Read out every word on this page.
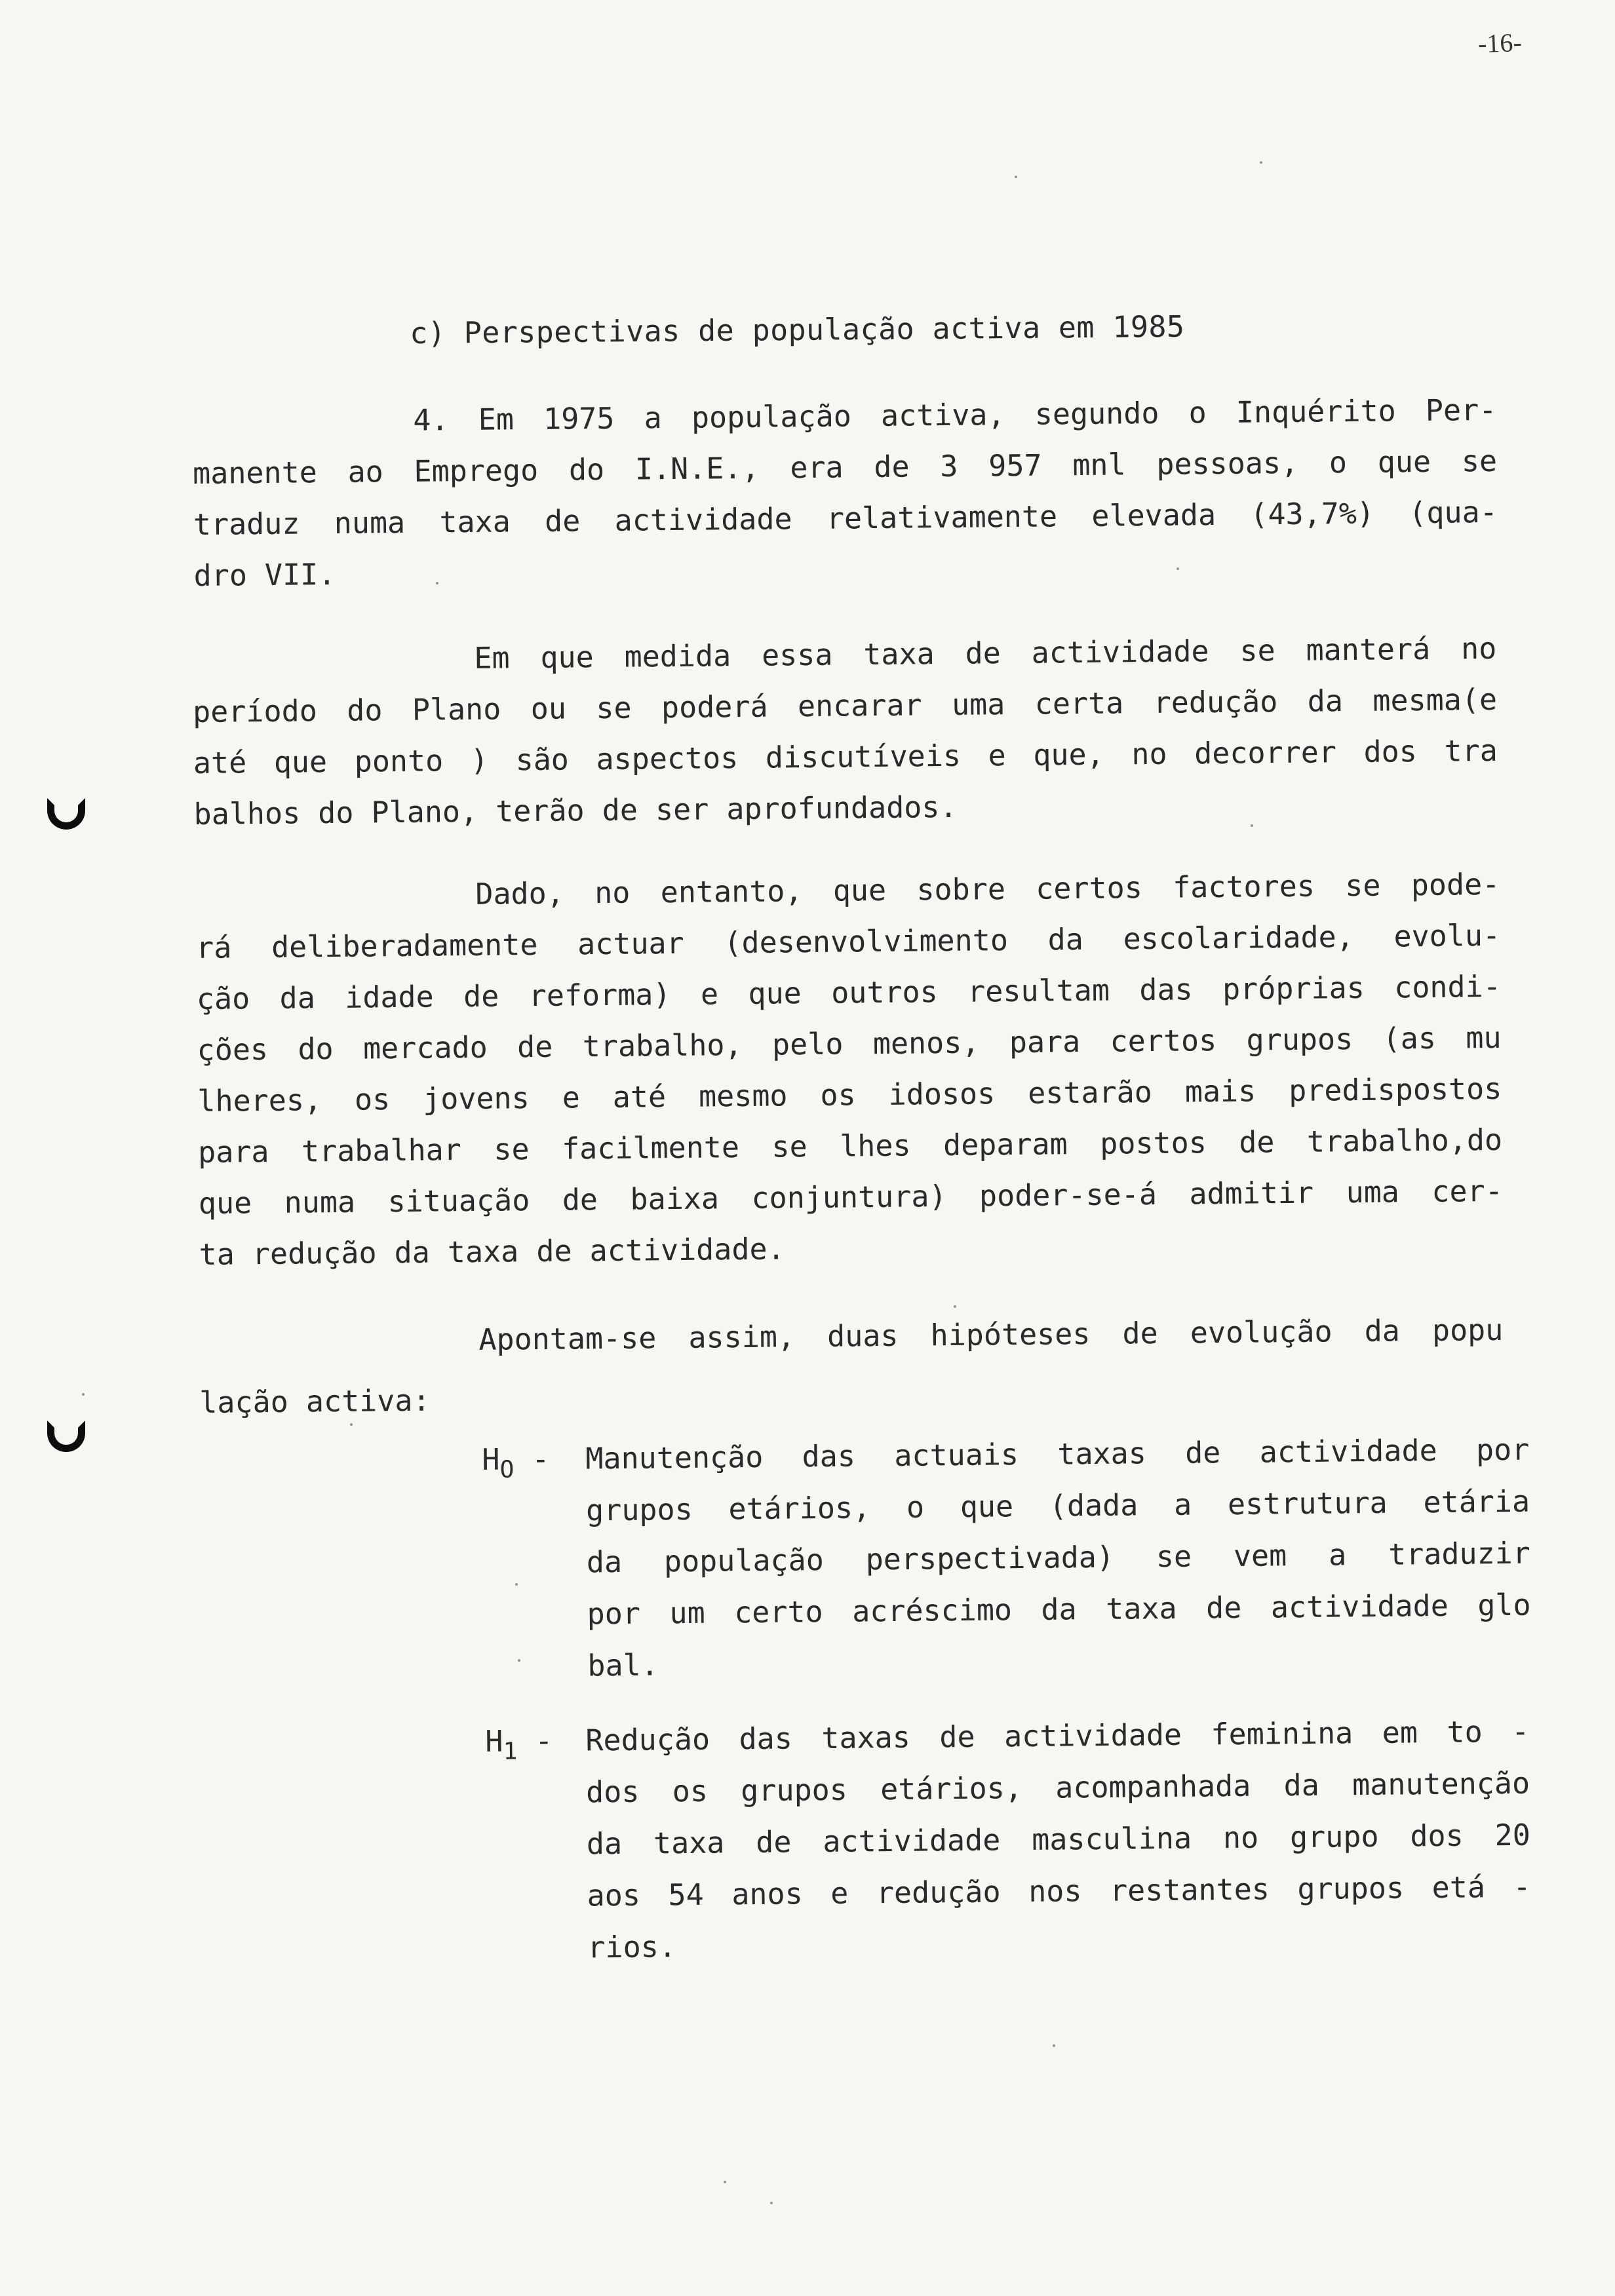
-16-
c) Perspectivas de população activa em 1985
4. Em 1975 a população activa, segundo o Inquérito Per-
manente ao Emprego do I.N.E., era de 3 957 mnl pessoas, o que se
traduz numa taxa de actividade relativamente elevada (43,7%) (qua-
dro VII.
Em que medida essa taxa de actividade se manterá no
período do Plano ou se poderá encarar uma certa redução da mesma(e
até que ponto ) são aspectos discutíveis e que, no decorrer dos tra
balhos do Plano, terão de ser aprofundados.
Dado, no entanto, que sobre certos factores se pode-
rá deliberadamente actuar (desenvolvimento da escolaridade, evolu-
ção da idade de reforma) e que outros resultam das próprias condi-
ções do mercado de trabalho, pelo menos, para certos grupos (as mu
lheres, os jovens e até mesmo os idosos estarão mais predispostos
para trabalhar se facilmente se lhes deparam postos de trabalho,do
que numa situação de baixa conjuntura) poder-se-á admitir uma cer-
ta redução da taxa de actividade.
Apontam-se assim, duas hipóteses de evolução da popu
lação activa:
$H_O$ - Manutenção das actuais taxas de actividade por
grupos etários, o que (dada a estrutura etária
da população perspectivada) se vem a traduzir
por um certo acréscimo da taxa de actividade glo
bal.
$H_1$ - Redução das taxas de actividade feminina em to -
dos os grupos etários, acompanhada da manutenção
da taxa de actividade masculina no grupo dos 20
aos 54 anos e redução nos restantes grupos etá -
rios.
